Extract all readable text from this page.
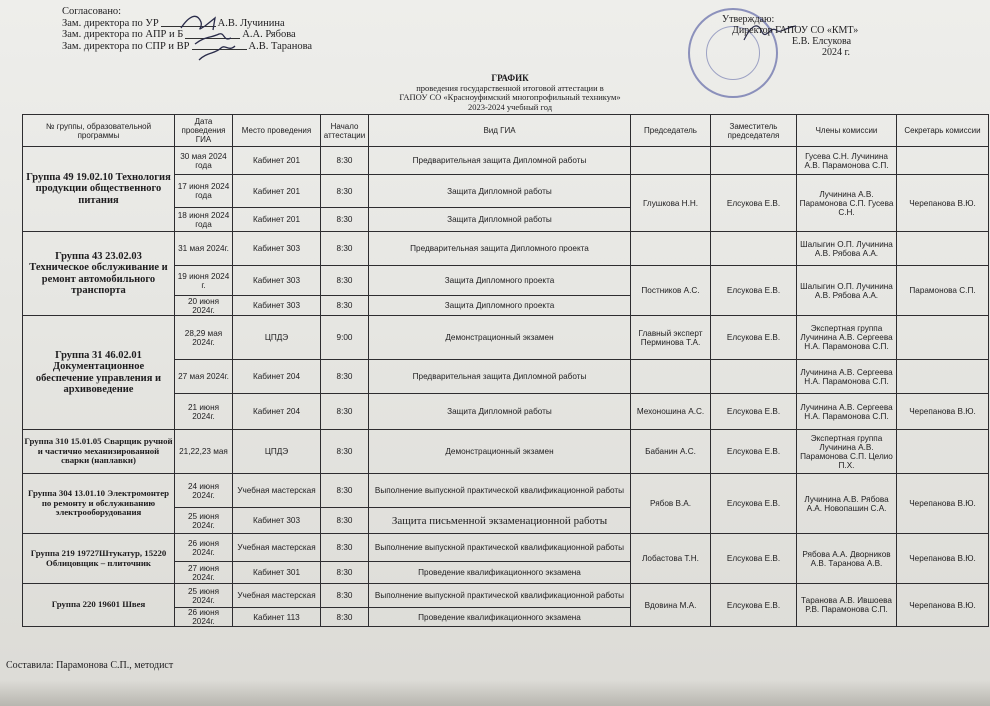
Согласовано:
Зам. директора по УР	А.В. Лучинина
Зам. директора по АПР и Б	А.А. Рябова
Зам. директора по СПР и ВР	А.В. Таранова
Утверждаю:
Директор ГАПОУ СО «КМТ»
Е.В. Елсукова
2024 г.
ГРАФИК
проведения государственной итоговой аттестации в
ГАПОУ СО «Красноуфимский многопрофильный техникум»
2023-2024 учебный год
№ группы, образовательной программы	Дата проведения ГИА	Место проведения	Начало аттестации	Вид ГИА	Председатель	Заместитель председателя	Члены комиссии	Секретарь комиссии
Группа 49 19.02.10 Технология продукции общественного питания	30 мая 2024 года	Кабинет 201	8:30	Предварительная защита Дипломной работы			Гусева С.Н. Лучинина А.В. Парамонова С.П.	
	17 июня 2024 года	Кабинет 201	8:30	Защита Дипломной работы	Глушкова Н.Н.	Елсукова Е.В.	Лучинина А.В. Парамонова С.П. Гусева С.Н.	Черепанова В.Ю.
	18 июня 2024 года	Кабинет 201	8:30	Защита Дипломной работы				
Группа 43 23.02.03 Техническое обслуживание и ремонт автомобильного транспорта	31 мая 2024г.	Кабинет 303	8:30	Предварительная защита Дипломного проекта			Шалыгин О.П. Лучинина А.В. Рябова А.А.	
	19 июня 2024 г.	Кабинет 303	8:30	Защита Дипломного проекта	Постников А.С.	Елсукова Е.В.	Шалыгин О.П. Лучинина А.В. Рябова А.А.	Парамонова С.П.
	20 июня 2024г.	Кабинет 303	8:30	Защита Дипломного проекта				
Группа 31 46.02.01 Документационное обеспечение управления и архивоведение	28,29 мая 2024г.	ЦПДЭ	9:00	Демонстрационный экзамен	Главный эксперт Перминова Т.А.	Елсукова Е.В.	Экспертная группа Лучинина А.В. Сергеева Н.А. Парамонова С.П.	
	27 мая 2024г.	Кабинет 204	8:30	Предварительная защита Дипломной работы			Лучинина А.В. Сергеева Н.А. Парамонова С.П.	
	21 июня 2024г.	Кабинет 204	8:30	Защита Дипломной работы	Мехоношина А.С.	Елсукова Е.В.	Лучинина А.В. Сергеева Н.А. Парамонова С.П.	Черепанова В.Ю.
Группа 310 15.01.05 Сварщик ручной и частично механизированной сварки (наплавки)	21,22,23 мая	ЦПДЭ	8:30	Демонстрационный экзамен	Бабанин А.С.	Елсукова Е.В.	Экспертная группа Лучинина А.В. Парамонова С.П. Целио П.Х.	
Группа 304 13.01.10 Электромонтер по ремонту и обслуживанию электрооборудования	24 июня 2024г.	Учебная мастерская	8:30	Выполнение выпускной практической квалификационной работы	Рябов В.А.	Елсукова Е.В.	Лучинина А.В. Рябова А.А. Новопашин С.А.	Черепанова В.Ю.
	25 июня 2024г.	Кабинет 303	8:30	Защита письменной экзаменационной работы				
Группа 219 19727Штукатур, 15220 Облицовщик – плиточник	26 июня 2024г.	Учебная мастерская	8:30	Выполнение выпускной практической квалификационной работы	Лобастова Т.Н.	Елсукова Е.В.	Рябова А.А. Дворников А.В. Таранова А.В.	Черепанова В.Ю.
	27 июня 2024г.	Кабинет 301	8:30	Проведение квалификационного экзамена				
Группа 220 19601 Швея	25 июня 2024г.	Учебная мастерская	8:30	Выполнение выпускной практической квалификационной работы	Вдовина М.А.	Елсукова Е.В.	Таранова А.В. Ившоева Р.В. Парамонова С.П.	Черепанова В.Ю.
	26 июня 2024г.	Кабинет 113	8:30	Проведение квалификационного экзамена				
Составила: Парамонова С.П., методист
